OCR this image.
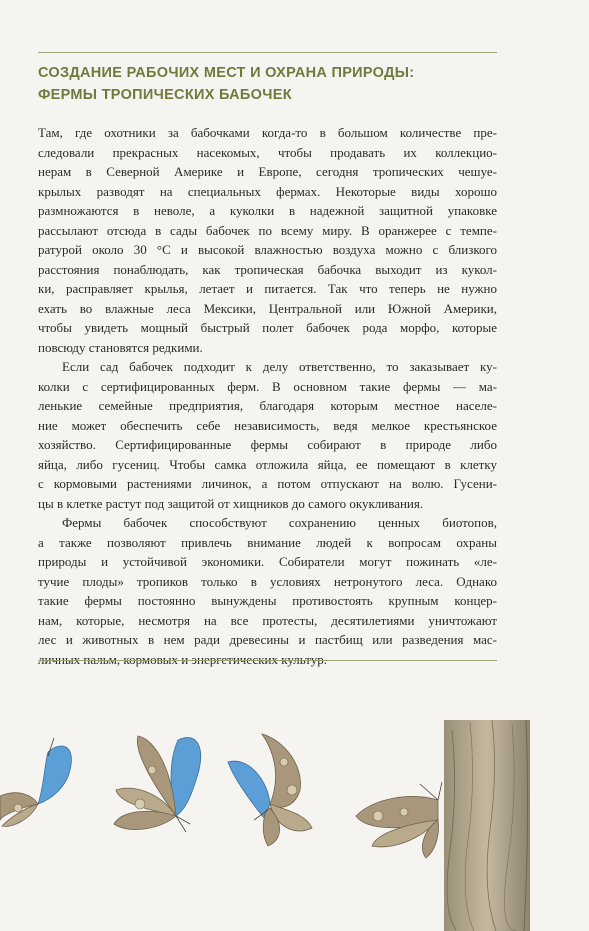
СОЗДАНИЕ РАБОЧИХ МЕСТ И ОХРАНА ПРИРОДЫ:
ФЕРМЫ ТРОПИЧЕСКИХ БАБОЧЕК

Там, где охотники за бабочками когда-то в большом количестве пре-
следовали прекрасных насекомых, чтобы продавать их коллекцио-
нерам в Северной Америке и Европе, сегодня тропических чешуе-
крылых разводят на специальных фермах. Некоторые виды хорошо
размножаются в неволе, а куколки в надежной защитной упаковке
рассылают отсюда в сады бабочек по всему миру. В оранжерее с темпе-
ратурой около 30 °С и высокой влажностью воздуха можно с близкого
расстояния понаблюдать, как тропическая бабочка выходит из кукол-
ки, расправляет крылья, летает и питается. Так что теперь не нужно
ехать во влажные леса Мексики, Центральной или Южной Америки,
чтобы увидеть мощный быстрый полет бабочек рода морфо, которые
повсюду становятся редкими.

Если сад бабочек подходит к делу ответственно, то заказывает ку-
колки с сертифицированных ферм. В основном такие фермы — ма-
ленькие семейные предприятия, благодаря которым местное населе-
ние может обеспечить себе независимость, ведя мелкое крестьянское
хозяйство. Сертифицированные фермы собирают в природе либо
яйца, либо гусениц. Чтобы самка отложила яйца, ее помещают в клетку
с кормовыми растениями личинок, а потом отпускают на волю. Гусени-
цы в клетке растут под защитой от хищников до самого окукливания.

Фермы бабочек способствуют сохранению ценных биотопов,
а также позволяют привлечь внимание людей к вопросам охраны
природы и устойчивой экономики. Собиратели могут пожинать «ле-
тучие плоды» тропиков только в условиях нетронутого леса. Однако
такие фермы постоянно вынуждены противостоять крупным концер-
нам, которые, несмотря на все протесты, десятилетиями уничтожают
лес и животных в нем ради древесины и пастбищ или разведения мас-
личных пальм, кормовых и энергетических культур.
